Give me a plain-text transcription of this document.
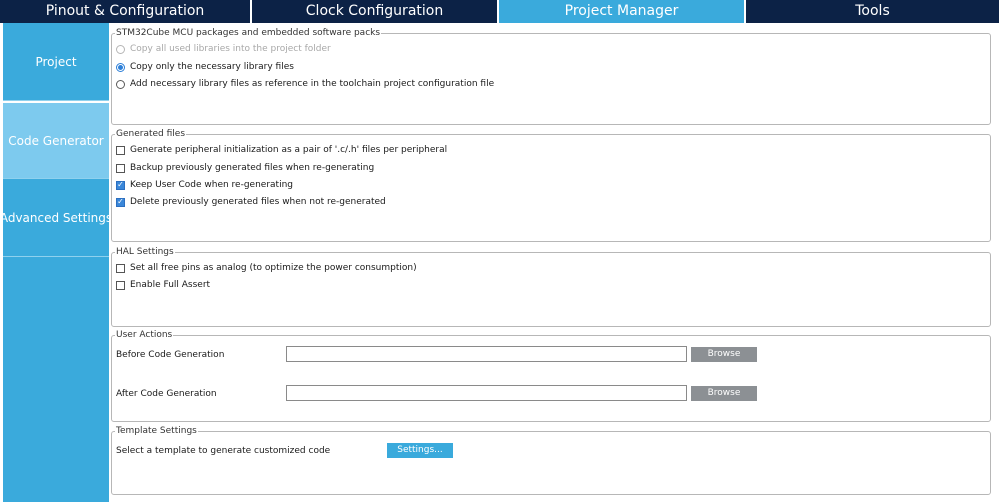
Pinout & Configuration	Clock Configuration	Project Manager	Tools
Project
Code Generator
Advanced Settings
STM32Cube MCU packages and embedded software packs
Copy all used libraries into the project folder
Copy only the necessary library files
Add necessary library files as reference in the toolchain project configuration file
Generated files
Generate peripheral initialization as a pair of '.c/.h' files per peripheral
Backup previously generated files when re-generating
✓ Keep User Code when re-generating
✓ Delete previously generated files when not re-generated
HAL Settings
Set all free pins as analog (to optimize the power consumption)
Enable Full Assert
User Actions
Before Code Generation	Browse
After Code Generation	Browse
Template Settings
Select a template to generate customized code	Settings...
